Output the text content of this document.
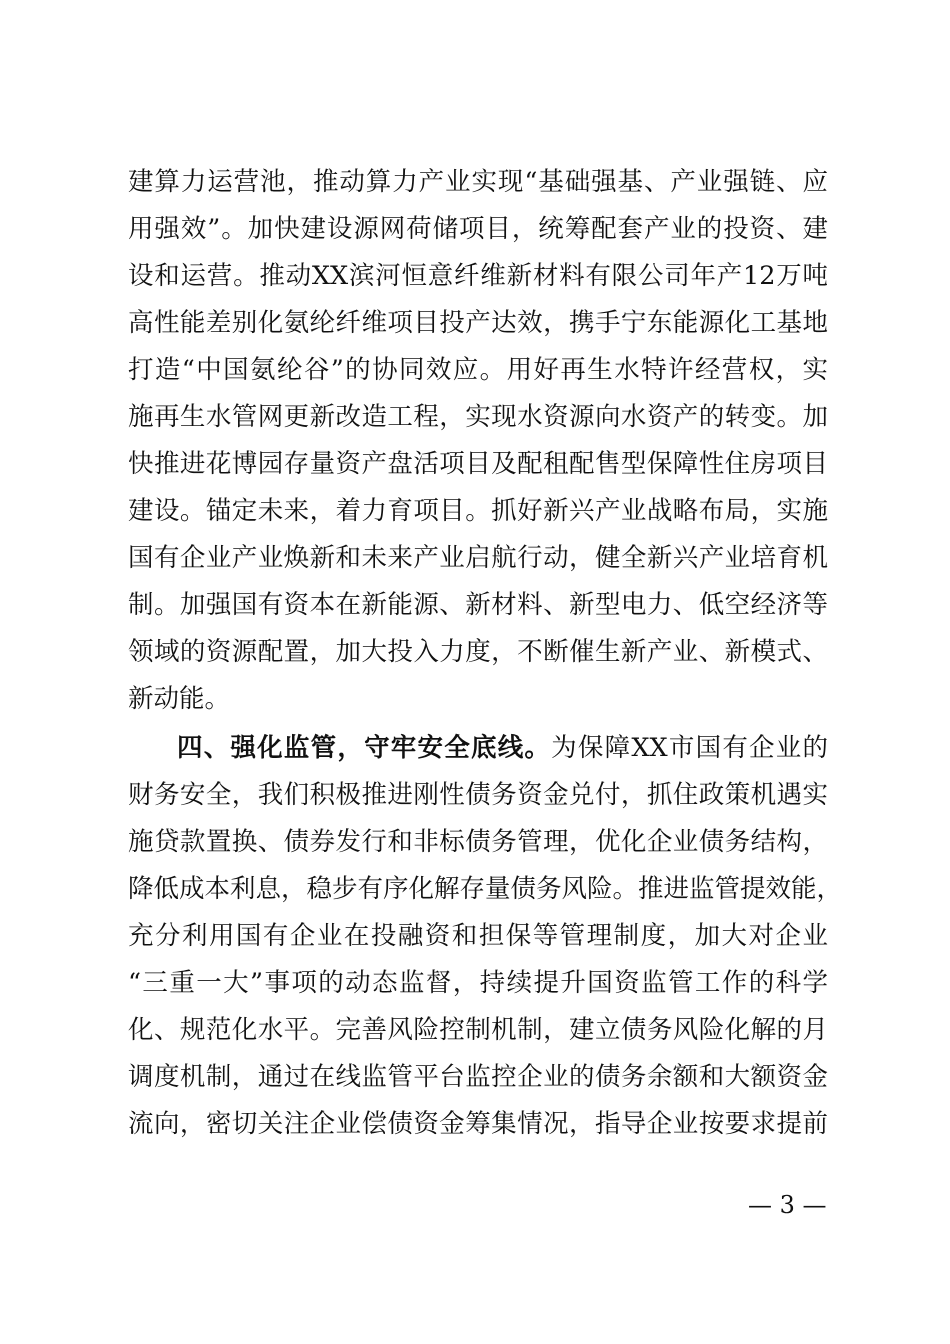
建算力运营池，推动算力产业实现“基础强基、产业强链、应
用强效”。加快建设源网荷储项目，统筹配套产业的投资、建
设和运营。推动XX滨河恒意纤维新材料有限公司年产12万吨
高性能差别化氨纶纤维项目投产达效，携手宁东能源化工基地
打造“中国氨纶谷”的协同效应。用好再生水特许经营权，实
施再生水管网更新改造工程，实现水资源向水资产的转变。加
快推进花博园存量资产盘活项目及配租配售型保障性住房项目
建设。锚定未来，着力育项目。抓好新兴产业战略布局，实施
国有企业产业焕新和未来产业启航行动，健全新兴产业培育机
制。加强国有资本在新能源、新材料、新型电力、低空经济等
领域的资源配置，加大投入力度，不断催生新产业、新模式、
新动能。
四、强化监管，守牢安全底线。为保障XX市国有企业的
财务安全，我们积极推进刚性债务资金兑付，抓住政策机遇实
施贷款置换、债券发行和非标债务管理，优化企业债务结构，
降低成本利息，稳步有序化解存量债务风险。推进监管提效能，
充分利用国有企业在投融资和担保等管理制度，加大对企业
“三重一大”事项的动态监督，持续提升国资监管工作的科学
化、规范化水平。完善风险控制机制，建立债务风险化解的月
调度机制，通过在线监管平台监控企业的债务余额和大额资金
流向，密切关注企业偿债资金筹集情况，指导企业按要求提前
— 3 —
